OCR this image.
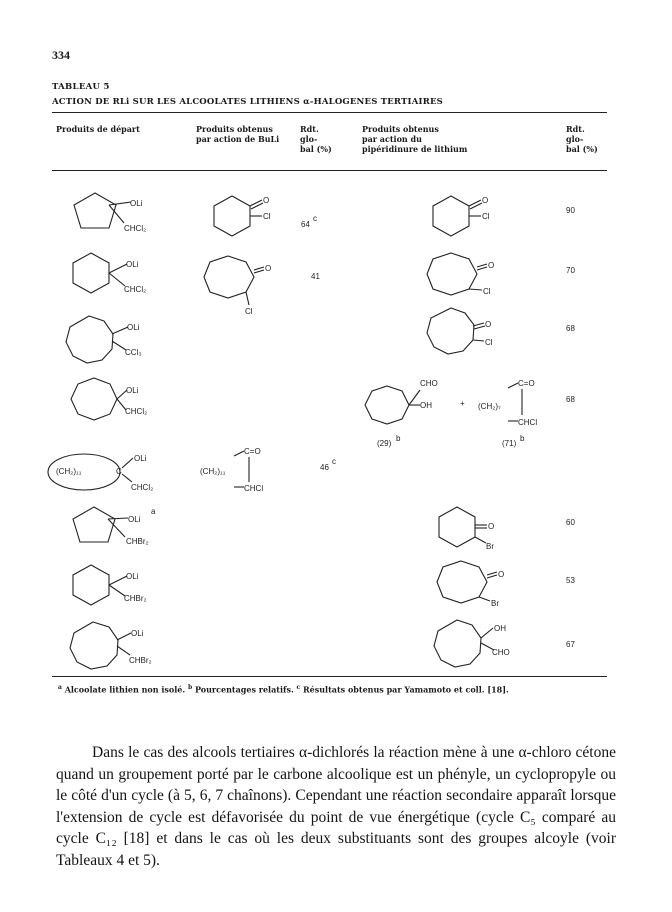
334
TABLEAU 5
ACTION DE RLi SUR LES ALCOOLATES LITHIENS α-HALOGENES TERTIAIRES
Produits de départ	Produits obtenus
par action de BuLi
Rdt.
glo-
bal (%)
Produits obtenus
par action du
pipéridinure de lithium
Rdt.
glo-
bal (%)
OLi
CHCl₂
O
Cl
O
Cl
64
c
90
OLi
CHCl₂
O
Cl
O
Cl
41
70
OLi
CCl₃
O
Cl
68
OLi
CHCl₂
CHO
OH
(29)
b
+ (CH₂)₇
C=O
CHCl
(71)
b
68
(CH₂)₁₁	C
OLi
CHCl₂
(CH₂)₁₁
C=O
CHCl
46
c
OLi
a
CHBr₂
O
Br
60
OLi
CHBr₂
O
Br
53
OLi
CHBr₂
OH
CHO
67
$^a$ Alcoolate lithien non isolé. $^b$ Pourcentages relatifs. $^c$ Résultats obtenus par Yamamoto et coll. [18].

Dans le cas des alcools tertiaires α-dichlorés la réaction mène à une α-chloro cétone quand un groupement porté par le carbone alcoolique est un phényle, un cyclopropyle ou le côté d'un cycle (à 5, 6, 7 chaînons). Cependant une réaction secondaire apparaît lorsque l'extension de cycle est défavorisée du point de vue énergétique (cycle C₅ comparé au cycle C₁₂ [18] et dans le cas où les deux substituants sont des groupes alcoyle (voir Tableaux 4 et 5).
